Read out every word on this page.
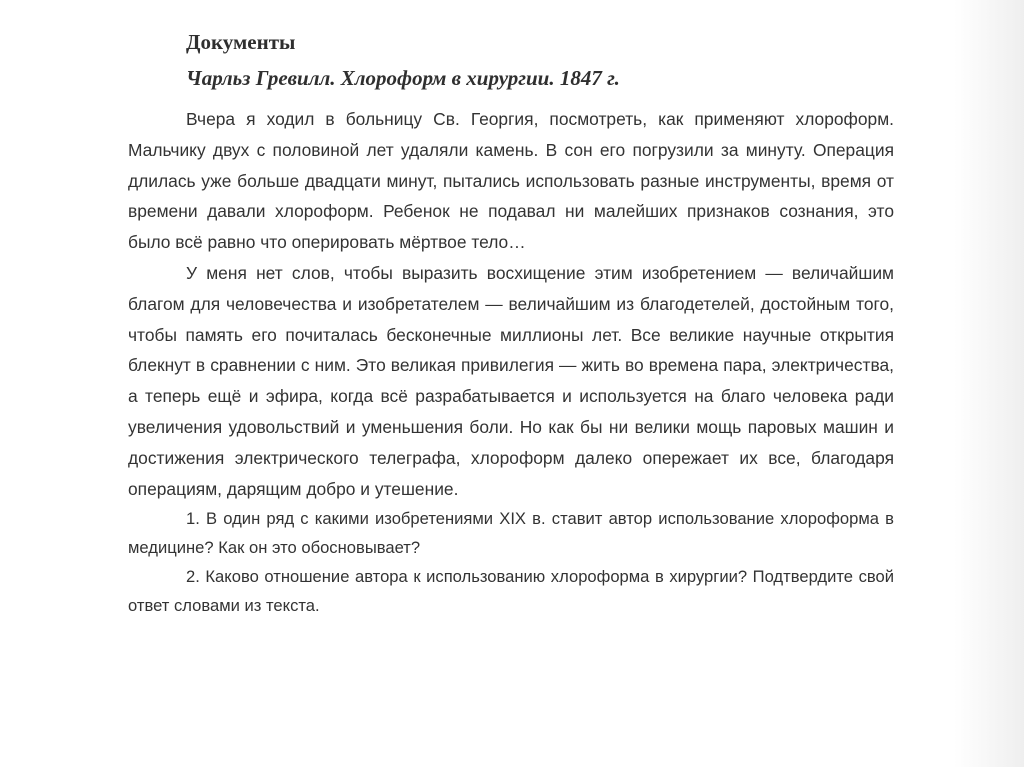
Документы
Чарльз Гревилл. Хлороформ в хирургии. 1847 г.

Вчера я ходил в больницу Св. Георгия, посмотреть, как применяют хлороформ. Мальчику двух с половиной лет удаляли камень. В сон его погрузили за минуту. Операция длилась уже больше двадцати минут, пытались использовать разные инструменты, время от времени давали хлороформ. Ребенок не подавал ни малейших признаков сознания, это было всё равно что оперировать мёртвое тело…

У меня нет слов, чтобы выразить восхищение этим изобретением — величайшим благом для человечества и изобретателем — величайшим из благодетелей, достойным того, чтобы память его почиталась бесконечные миллионы лет. Все великие научные открытия блекнут в сравнении с ним. Это великая привилегия — жить во времена пара, электричества, а теперь ещё и эфира, когда всё разрабатывается и используется на благо человека ради увеличения удовольствий и уменьшения боли. Но как бы ни велики мощь паровых машин и достижения электрического телеграфа, хлороформ далеко опережает их все, благодаря операциям, дарящим добро и утешение.

1. В один ряд с какими изобретениями XIX в. ставит автор использование хлороформа в медицине? Как он это обосновывает?
2. Каково отношение автора к использованию хлороформа в хирургии? Подтвердите свой ответ словами из текста.
